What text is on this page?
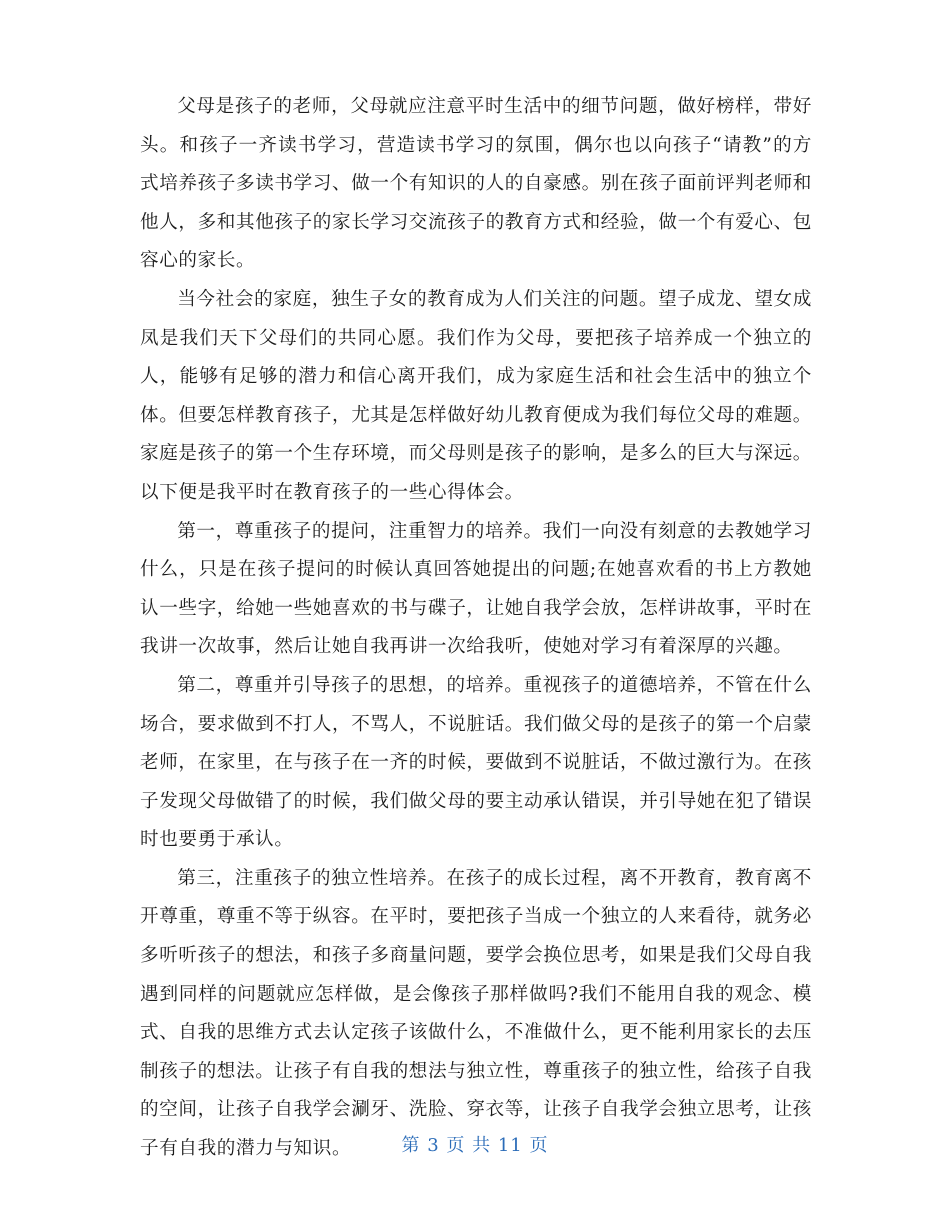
父母是孩子的老师，父母就应注意平时生活中的细节问题，做好榜样，带好头。和孩子一齐读书学习，营造读书学习的氛围，偶尔也以向孩子“请教”的方式培养孩子多读书学习、做一个有知识的人的自豪感。别在孩子面前评判老师和他人，多和其他孩子的家长学习交流孩子的教育方式和经验，做一个有爱心、包容心的家长。

当今社会的家庭，独生子女的教育成为人们关注的问题。望子成龙、望女成凤是我们天下父母们的共同心愿。我们作为父母，要把孩子培养成一个独立的人，能够有足够的潜力和信心离开我们，成为家庭生活和社会生活中的独立个体。但要怎样教育孩子，尤其是怎样做好幼儿教育便成为我们每位父母的难题。家庭是孩子的第一个生存环境，而父母则是孩子的影响，是多么的巨大与深远。以下便是我平时在教育孩子的一些心得体会。

第一，尊重孩子的提问，注重智力的培养。我们一向没有刻意的去教她学习什么，只是在孩子提问的时候认真回答她提出的问题;在她喜欢看的书上方教她认一些字，给她一些她喜欢的书与碟子，让她自我学会放，怎样讲故事，平时在我讲一次故事，然后让她自我再讲一次给我听，使她对学习有着深厚的兴趣。

第二，尊重并引导孩子的思想，的培养。重视孩子的道德培养，不管在什么场合，要求做到不打人，不骂人，不说脏话。我们做父母的是孩子的第一个启蒙老师，在家里，在与孩子在一齐的时候，要做到不说脏话，不做过激行为。在孩子发现父母做错了的时候，我们做父母的要主动承认错误，并引导她在犯了错误时也要勇于承认。

第三，注重孩子的独立性培养。在孩子的成长过程，离不开教育，教育离不开尊重，尊重不等于纵容。在平时，要把孩子当成一个独立的人来看待，就务必多听听孩子的想法，和孩子多商量问题，要学会换位思考，如果是我们父母自我遇到同样的问题就应怎样做，是会像孩子那样做吗?我们不能用自我的观念、模式、自我的思维方式去认定孩子该做什么，不准做什么，更不能利用家长的去压制孩子的想法。让孩子有自我的想法与独立性，尊重孩子的独立性，给孩子自我的空间，让孩子自我学会涮牙、洗脸、穿衣等，让孩子自我学会独立思考，让孩子有自我的潜力与知识。	第 3 页 共 11 页
